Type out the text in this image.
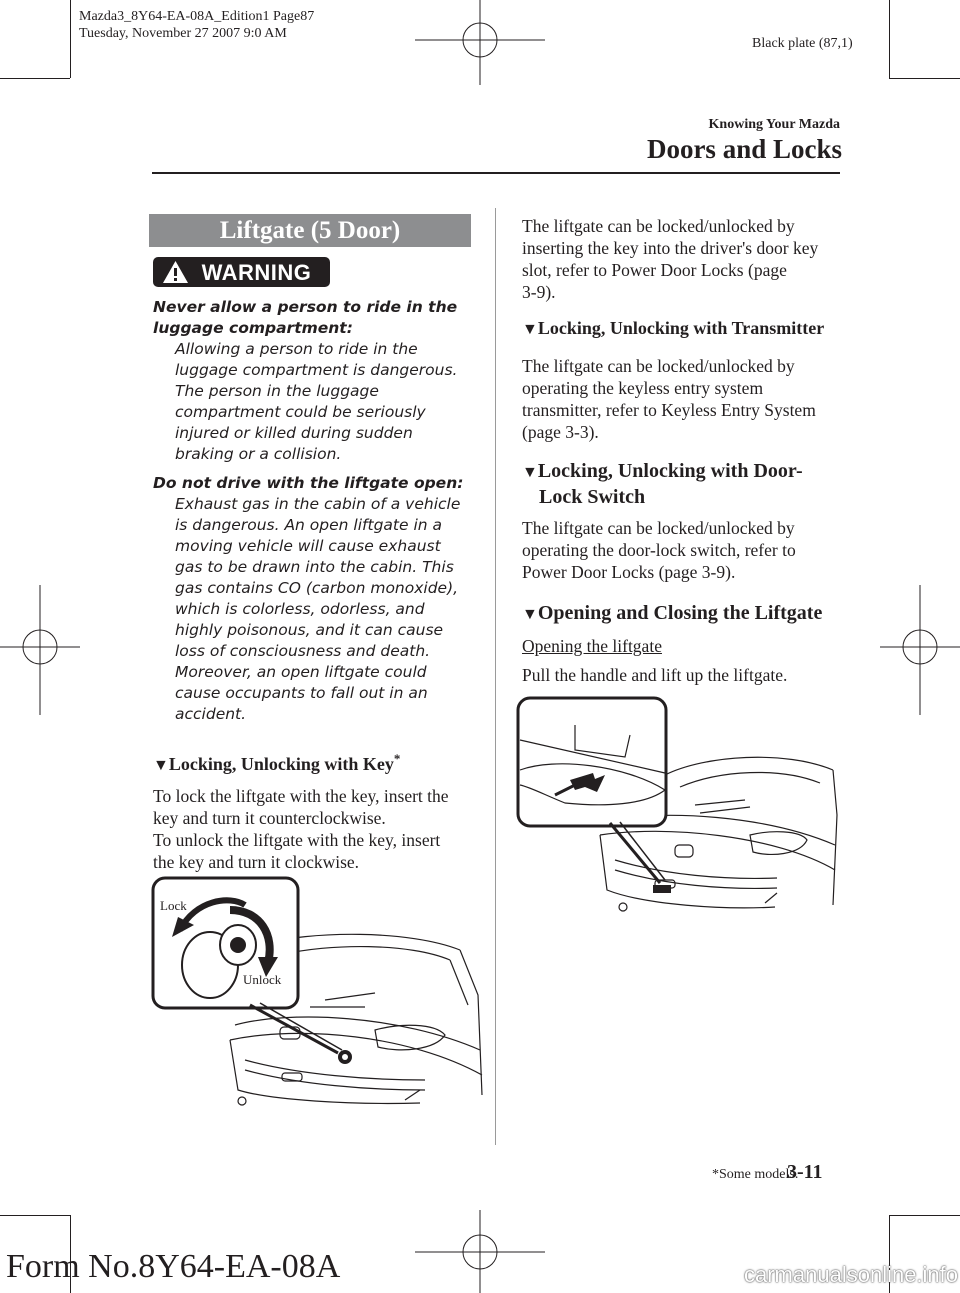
Mazda3_8Y64-EA-08A_Edition1 Page87
Tuesday, November 27 2007 9:0 AM
Black plate (87,1)
Knowing Your Mazda
Doors and Locks
Liftgate (5 Door)
WARNING
Never allow a person to ride in the
luggage compartment:
Allowing a person to ride in the
luggage compartment is dangerous.
The person in the luggage
compartment could be seriously
injured or killed during sudden
braking or a collision.
Do not drive with the liftgate open:
Exhaust gas in the cabin of a vehicle
is dangerous. An open liftgate in a
moving vehicle will cause exhaust
gas to be drawn into the cabin. This
gas contains CO (carbon monoxide),
which is colorless, odorless, and
highly poisonous, and it can cause
loss of consciousness and death.
Moreover, an open liftgate could
cause occupants to fall out in an
accident.
▼Locking, Unlocking with Key*
To lock the liftgate with the key, insert the
key and turn it counterclockwise.
To unlock the liftgate with the key, insert
the key and turn it clockwise.
Lock
Unlock
The liftgate can be locked/unlocked by
inserting the key into the driver's door key
slot, refer to Power Door Locks (page
3-9).
▼Locking, Unlocking with Transmitter
The liftgate can be locked/unlocked by
operating the keyless entry system
transmitter, refer to Keyless Entry System
(page 3-3).
▼Locking, Unlocking with Door-
Lock Switch
The liftgate can be locked/unlocked by
operating the door-lock switch, refer to
Power Door Locks (page 3-9).
▼Opening and Closing the Liftgate
Opening the liftgate
Pull the handle and lift up the liftgate.
*Some models.
3-11
Form No.8Y64-EA-08A	carmanualsonline.info
